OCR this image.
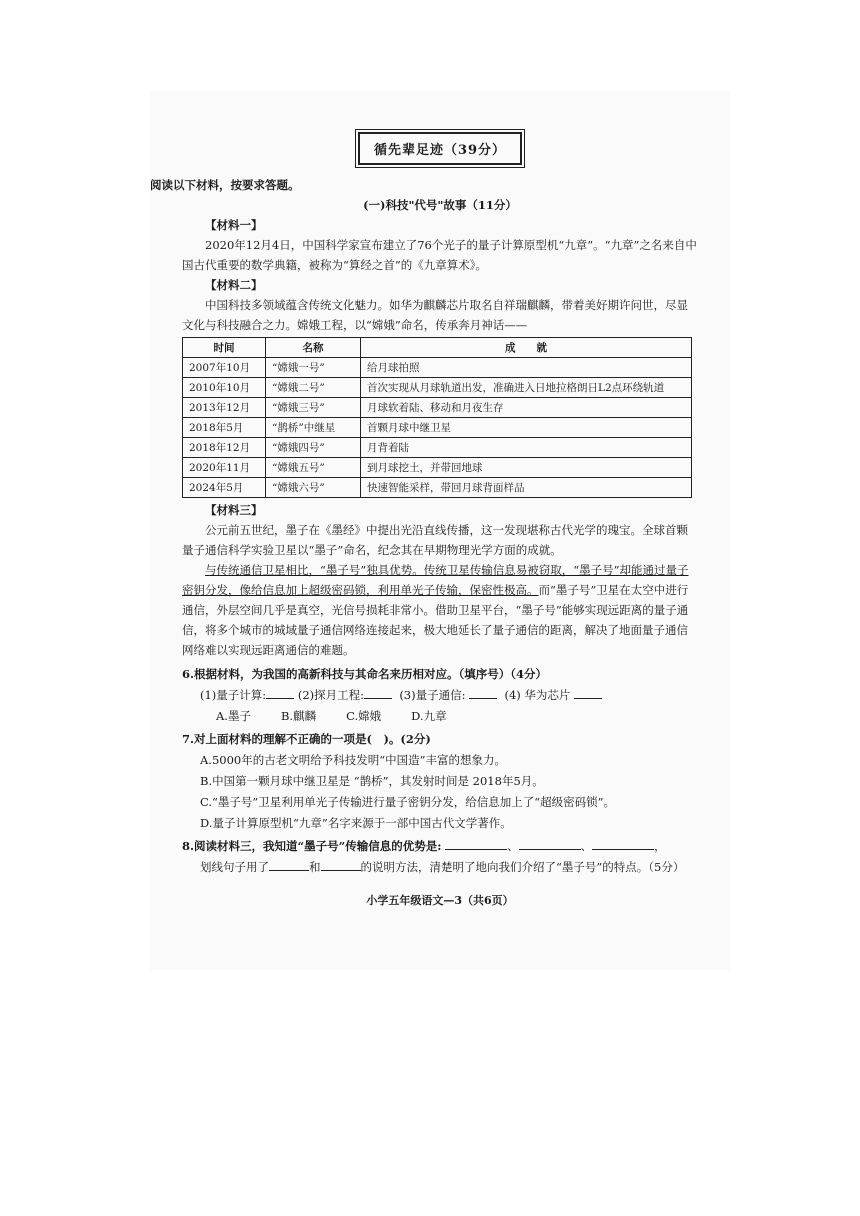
循先辈足迹（39分）

阅读以下材料，按要求答题。

(一)科技"代号"故事（11分）

【材料一】

2020年12月4日，中国科学家宣布建立了76个光子的量子计算原型机“九章”。“九章”之名来自中国古代重要的数学典籍，被称为“算经之首”的《九章算术》。

【材料二】

中国科技多领域蕴含传统文化魅力。如华为麒麟芯片取名自祥瑞麒麟，带着美好期许问世，尽显文化与科技融合之力。嫦娥工程，以“嫦娥”命名，传承奔月神话——

时间	名称	成　　就
2007年10月	“嫦娥一号”	给月球拍照
2010年10月	“嫦娥二号”	首次实现从月球轨道出发，准确进入日地拉格朗日L2点环绕轨道
2013年12月	“嫦娥三号”	月球软着陆、移动和月夜生存
2018年5月	“鹊桥”中继星	首颗月球中继卫星
2018年12月	“嫦娥四号”	月背着陆
2020年11月	“嫦娥五号”	到月球挖土，并带回地球
2024年5月	“嫦娥六号”	快速智能采样，带回月球背面样品
【材料三】

公元前五世纪，墨子在《墨经》中提出光沿直线传播，这一发现堪称古代光学的瑰宝。全球首颗量子通信科学实验卫星以“墨子”命名，纪念其在早期物理光学方面的成就。

与传统通信卫星相比，“墨子号”独具优势。传统卫星传输信息易被窃取，“墨子号”却能通过量子密钥分发，像给信息加上超级密码锁，利用单光子传输，保密性极高。而“墨子号”卫星在太空中进行通信，外层空间几乎是真空，光信号损耗非常小。借助卫星平台，“墨子号”能够实现远距离的量子通信，将多个城市的城域量子通信网络连接起来，极大地延长了量子通信的距离，解决了地面量子通信网络难以实现远距离通信的难题。

6.根据材料，为我国的高新科技与其命名来历相对应。（填序号）（4分）
(1)量子计算:	(2)探月工程:	(3)量子通信:	(4) 华为芯片
A.墨子	B.麒麟	C.嫦娥	D.九章
7.对上面材料的理解不正确的一项是(　)。(2分)
A.5000年的古老文明给予科技发明“中国造”丰富的想象力。
B.中国第一颗月球中继卫星是 “鹊桥”，其发射时间是 2018年5月。
C.“墨子号”卫星利用单光子传输进行量子密钥分发，给信息加上了“超级密码锁”。
D.量子计算原型机“九章”名字来源于一部中国古代文学著作。
8.阅读材料三，我知道“墨子号”传输信息的优势是:	、	、	，
划线句子用了	和	的说明方法，清楚明了地向我们介绍了“墨子号”的特点。（5分）
小学五年级语文—3（共6页）
